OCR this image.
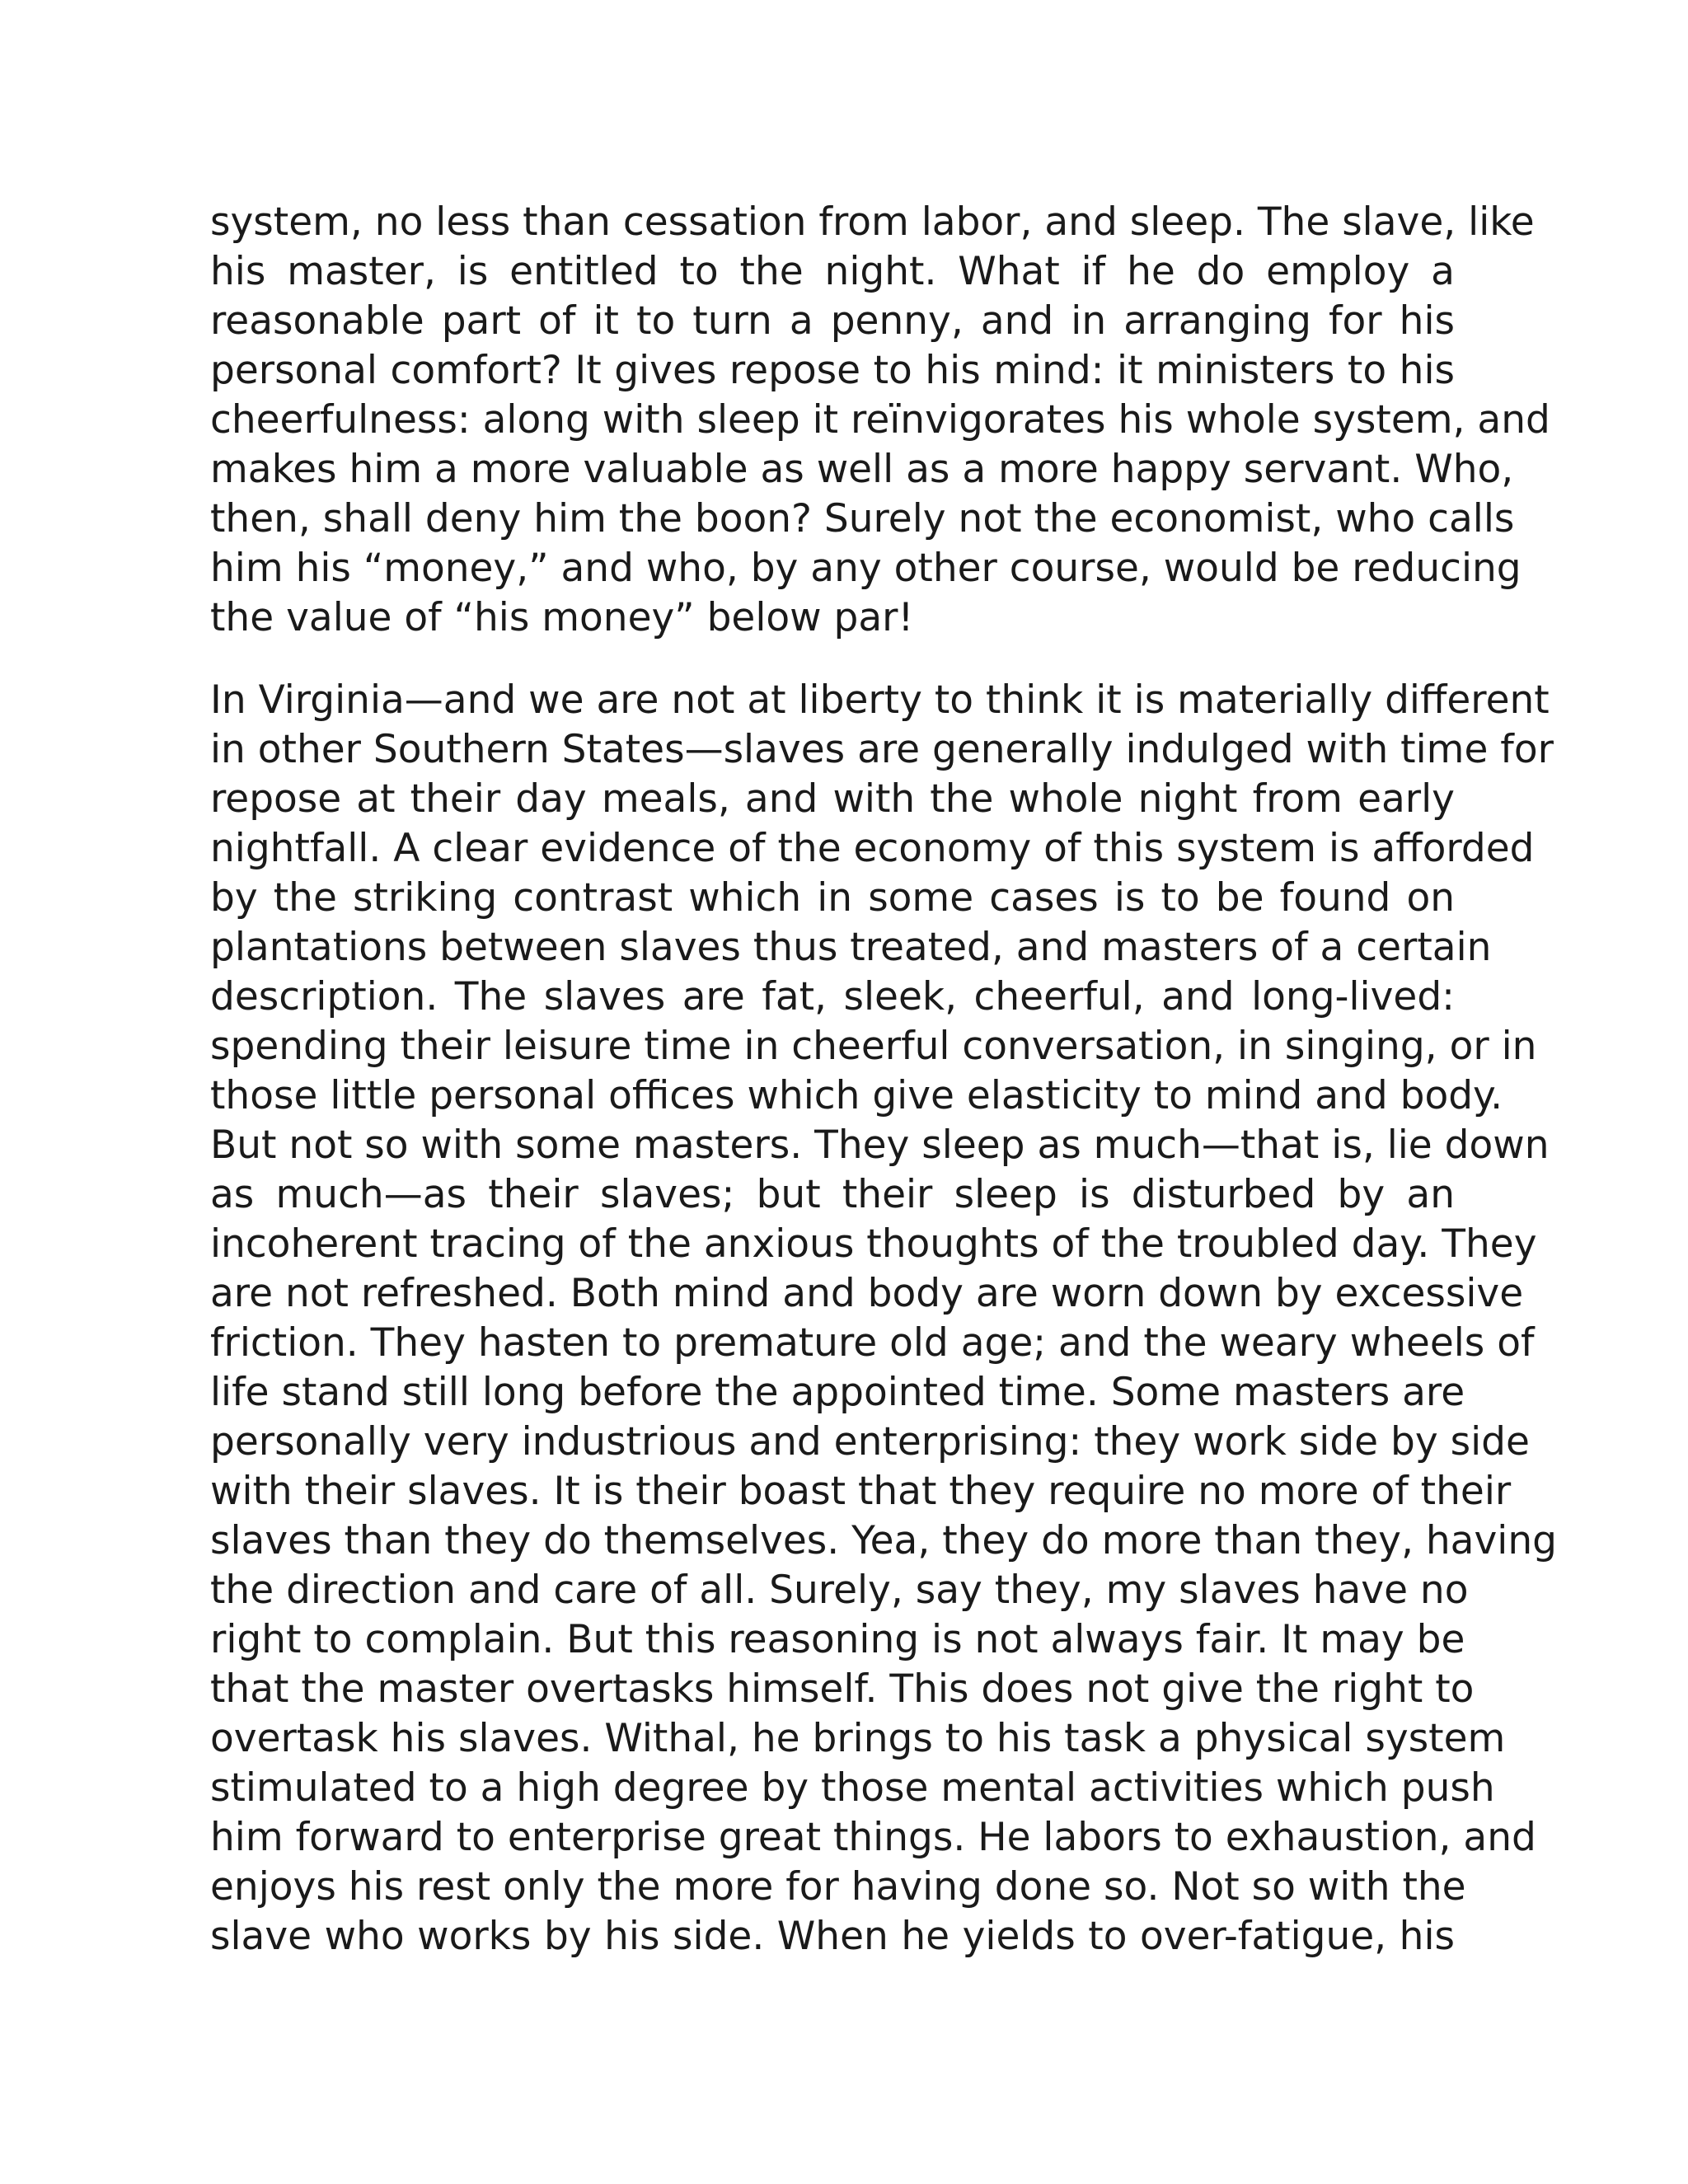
system, no less than cessation from labor, and sleep. The slave, like
his master, is entitled to the night. What if he do employ a
reasonable part of it to turn a penny, and in arranging for his
personal comfort? It gives repose to his mind: it ministers to his
cheerfulness: along with sleep it reïnvigorates his whole system, and
makes him a more valuable as well as a more happy servant. Who,
then, shall deny him the boon? Surely not the economist, who calls
him his “money,” and who, by any other course, would be reducing
the value of “his money” below par!

In Virginia—and we are not at liberty to think it is materially different
in other Southern States—slaves are generally indulged with time for
repose at their day meals, and with the whole night from early
nightfall. A clear evidence of the economy of this system is afforded
by the striking contrast which in some cases is to be found on
plantations between slaves thus treated, and masters of a certain
description. The slaves are fat, sleek, cheerful, and long-lived:
spending their leisure time in cheerful conversation, in singing, or in
those little personal offices which give elasticity to mind and body.
But not so with some masters. They sleep as much—that is, lie down
as much—as their slaves; but their sleep is disturbed by an
incoherent tracing of the anxious thoughts of the troubled day. They
are not refreshed. Both mind and body are worn down by excessive
friction. They hasten to premature old age; and the weary wheels of
life stand still long before the appointed time. Some masters are
personally very industrious and enterprising: they work side by side
with their slaves. It is their boast that they require no more of their
slaves than they do themselves. Yea, they do more than they, having
the direction and care of all. Surely, say they, my slaves have no
right to complain. But this reasoning is not always fair. It may be
that the master overtasks himself. This does not give the right to
overtask his slaves. Withal, he brings to his task a physical system
stimulated to a high degree by those mental activities which push
him forward to enterprise great things. He labors to exhaustion, and
enjoys his rest only the more for having done so. Not so with the
slave who works by his side. When he yields to over-fatigue, his
